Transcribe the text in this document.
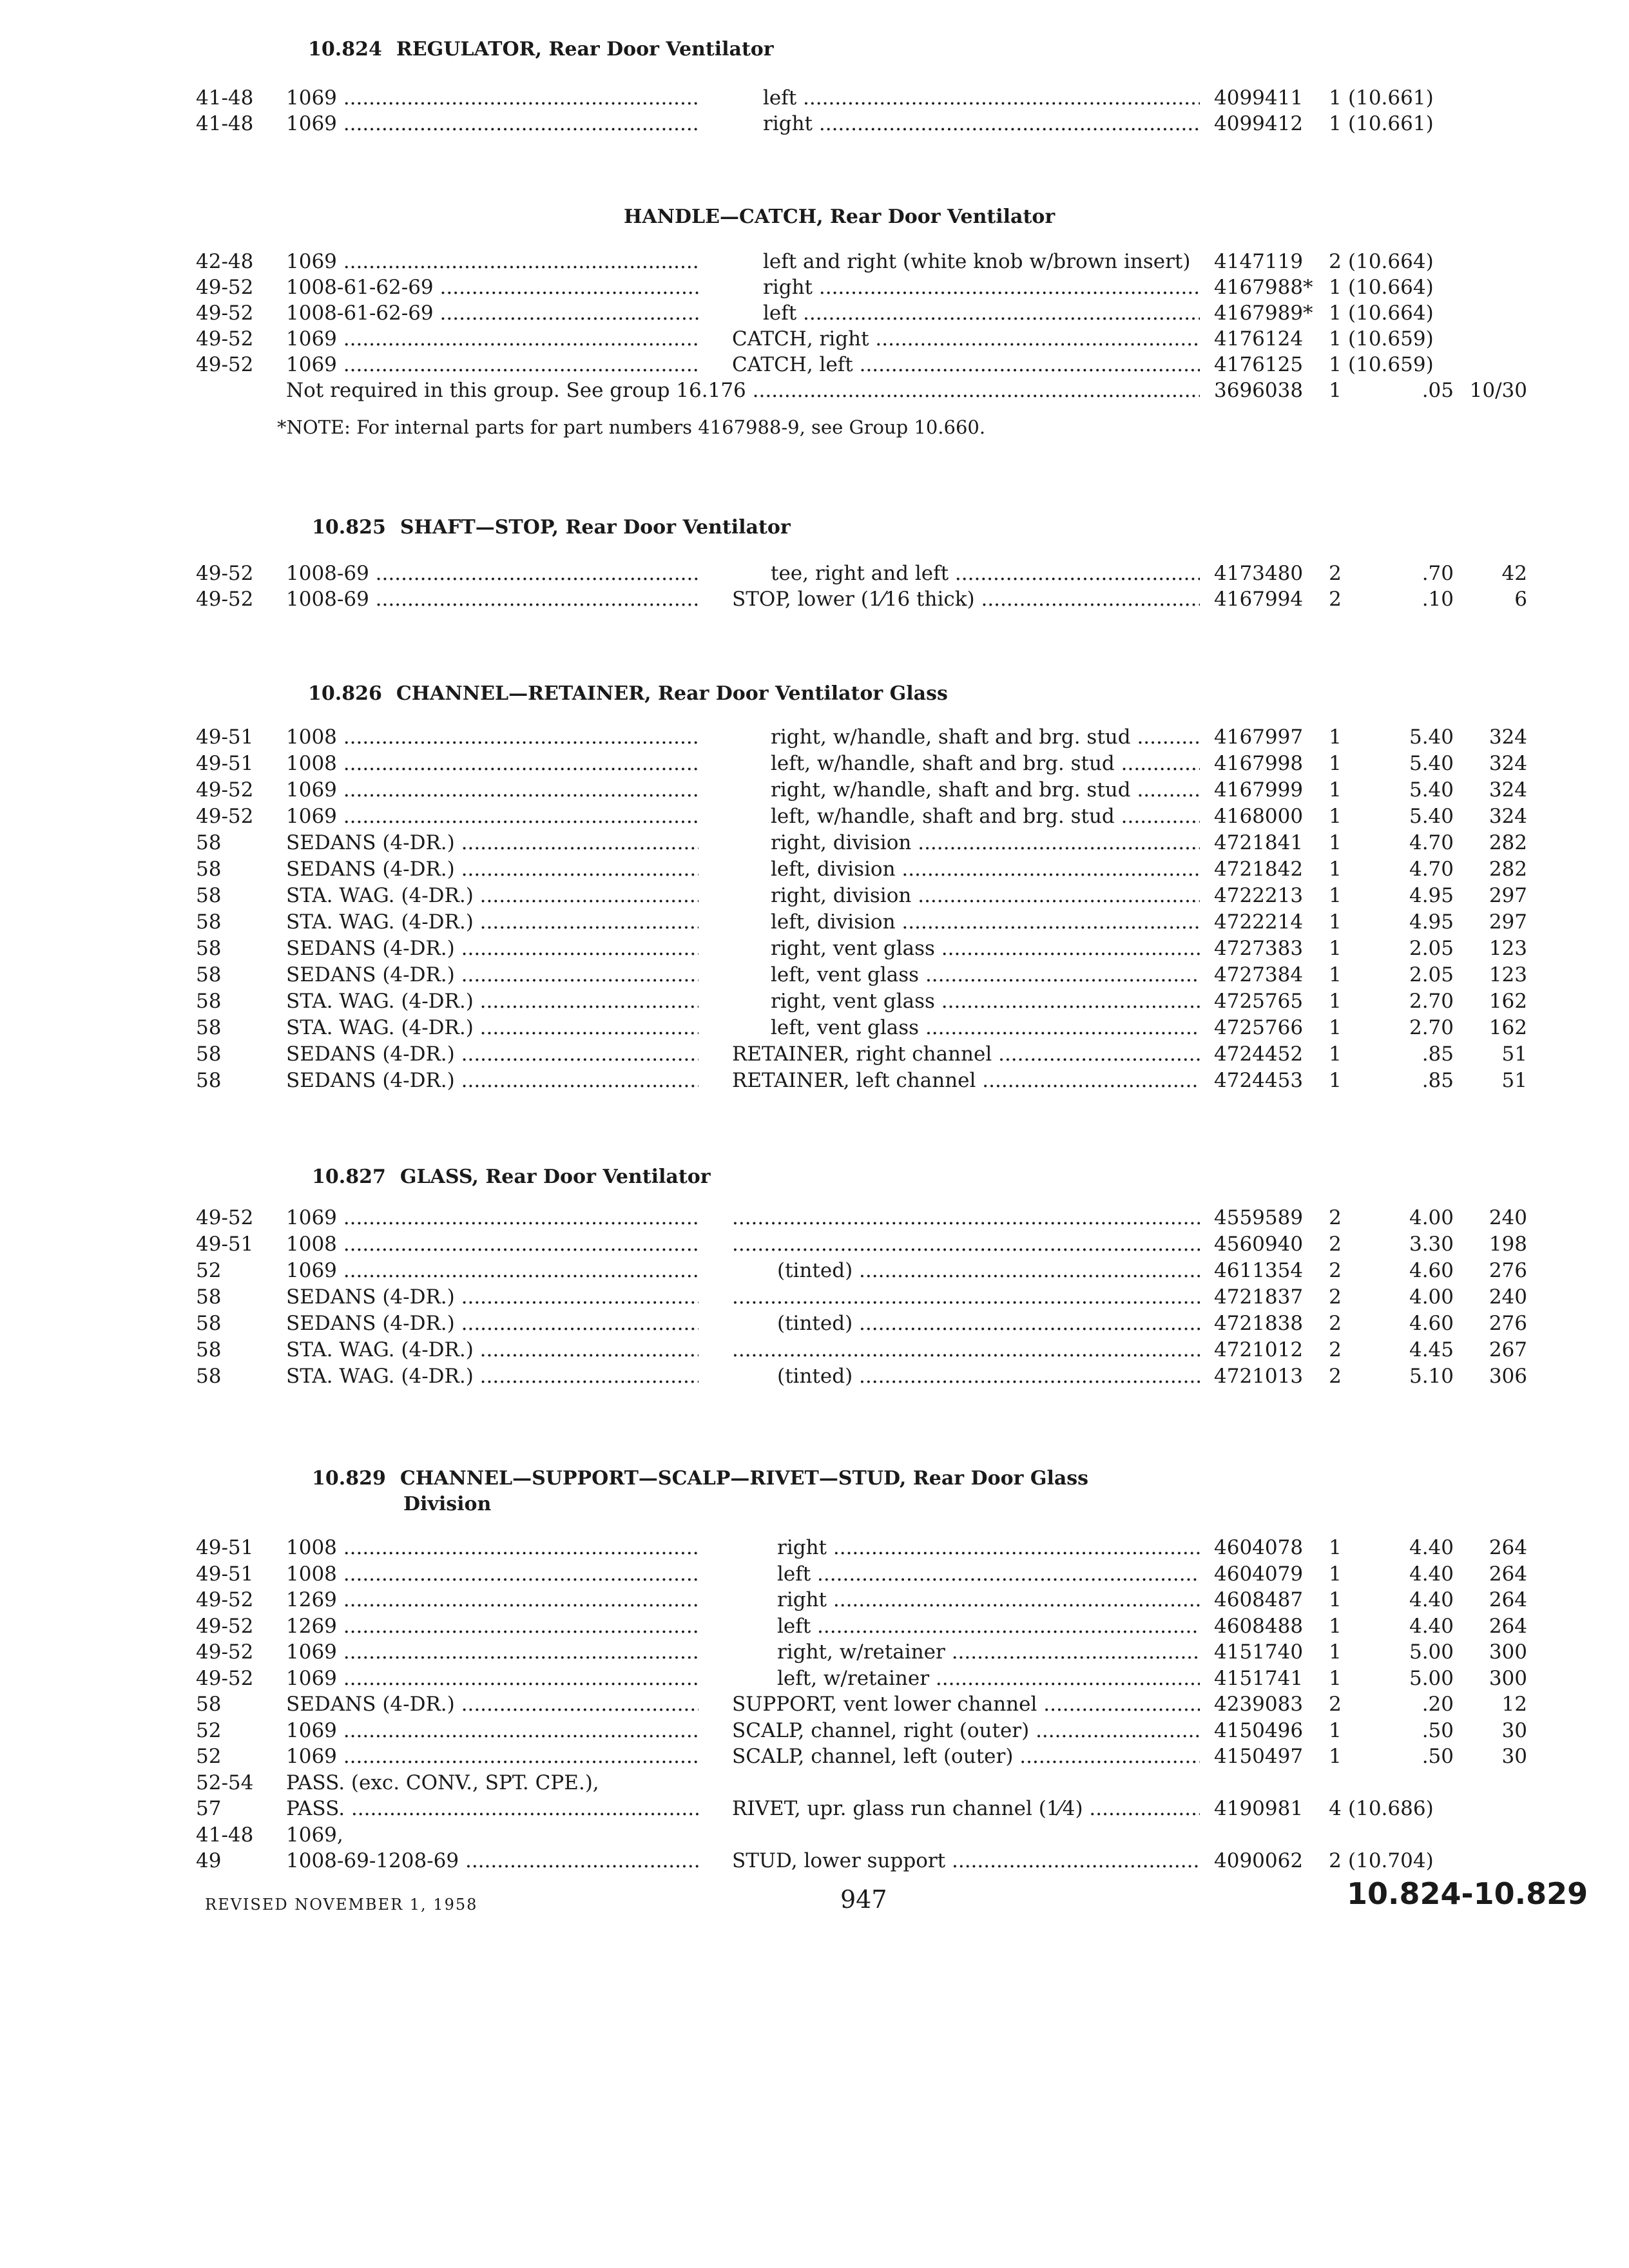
10.824 REGULATOR, Rear Door Ventilator
41-48 1069 .....	left .....	4099411	1 (10.661)
41-48 1069 .....	right .....	4099412	1 (10.661)
HANDLE—CATCH, Rear Door Ventilator
42-48 1069 .....	left and right (white knob w/brown insert)	4147119	2 (10.664)
49-52 1008-61-62-69 .....	right .....	4167988* 1 (10.664)
49-52 1008-61-62-69 .....	left .....	4167989* 1 (10.664)
49-52 1069 .....	CATCH, right .....	4176124	1 (10.659)
49-52 1069 .....	CATCH, left .....	4176125	1 (10.659)
Not required in this group. See group 16.176 .....	3696038	1	.05 10/30
*NOTE: For internal parts for part numbers 4167988-9, see Group 10.660.
10.825 SHAFT—STOP, Rear Door Ventilator
49-52 1008-69 .....	tee, right and left .....	4173480	2	.70	42
49-52 1008-69 .....	STOP, lower (1⁄16 thick) .....	4167994	2	.10	6
10.826 CHANNEL—RETAINER, Rear Door Ventilator Glass
49-51 1008 .....	right, w/handle, shaft and brg. stud .....	4167997	1	5.40	324
49-51 1008 .....	left, w/handle, shaft and brg. stud .....	4167998	1	5.40	324
49-52 1069 .....	right, w/handle, shaft and brg. stud .....	4167999	1	5.40	324
49-52 1069 .....	left, w/handle, shaft and brg. stud .....	4168000	1	5.40	324
58	SEDANS (4-DR.) .....	right, division .....	4721841	1	4.70	282
58	SEDANS (4-DR.) .....	left, division .....	4721842	1	4.70	282
58	STA. WAG. (4-DR.) .....	right, division .....	4722213	1	4.95	297
58	STA. WAG. (4-DR.) .....	left, division .....	4722214	1	4.95	297
58	SEDANS (4-DR.) .....	right, vent glass .....	4727383	1	2.05	123
58	SEDANS (4-DR.) .....	left, vent glass .....	4727384	1	2.05	123
58	STA. WAG. (4-DR.) .....	right, vent glass .....	4725765	1	2.70	162
58	STA. WAG. (4-DR.) .....	left, vent glass .....	4725766	1	2.70	162
58	SEDANS (4-DR.) .....	RETAINER, right channel .....	4724452	1	.85	51
58	SEDANS (4-DR.) .....	RETAINER, left channel .....	4724453	1	.85	51
10.827 GLASS, Rear Door Ventilator
49-52 1069 ..... .....	4559589	2	4.00	240
49-51 1008 ..... .....	4560940	2	3.30	198
52	1069 .....	(tinted) .....	4611354	2	4.60	276
58	SEDANS (4-DR.) ..... .....	4721837	2	4.00	240
58	SEDANS (4-DR.) .....	(tinted) .....	4721838	2	4.60	276
58	STA. WAG. (4-DR.) ..... .....	4721012	2	4.45	267
58	STA. WAG. (4-DR.) .....	(tinted) .....	4721013	2	5.10	306
10.829 CHANNEL—SUPPORT—SCALP—RIVET—STUD, Rear Door Glass
Division
49-51 1008 .....	right .....	4604078	1	4.40	264
49-51 1008 .....	left .....	4604079	1	4.40	264
49-52 1269 .....	right .....	4608487	1	4.40	264
49-52 1269 .....	left .....	4608488	1	4.40	264
49-52 1069 .....	right, w/retainer .....	4151740	1	5.00	300
49-52 1069 .....	left, w/retainer .....	4151741	1	5.00	300
58	SEDANS (4-DR.) .....	SUPPORT, vent lower channel .....	4239083	2	.20	12
52	1069 .....	SCALP, channel, right (outer) .....	4150496	1	.50	30
52	1069 .....	SCALP, channel, left (outer) .....	4150497	1	.50	30
52-54 PASS. (exc. CONV., SPT. CPE.),
57	PASS. .....	RIVET, upr. glass run channel (1⁄4) .....	4190981	4 (10.686)
41-48 1069,
49	1008-69-1208-69 .....	STUD, lower support .....	4090062	2 (10.704)
REVISED NOVEMBER 1, 1958	947	10.824-10.829
